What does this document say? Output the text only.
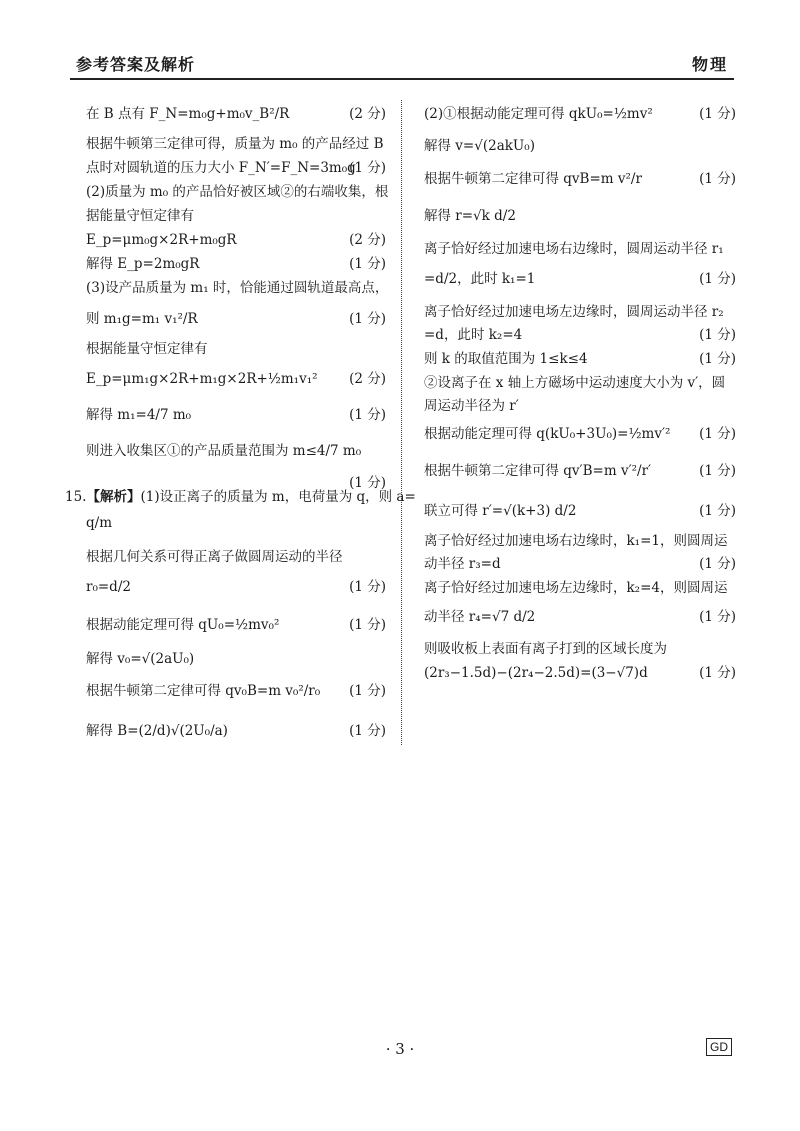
参考答案及解析	物理
在 B 点有 F_N=m₀g+m₀v_B²/R	(2 分)
根据牛顿第三定律可得，质量为 m₀ 的产品经过 B
点时对圆轨道的压力大小 F_N′=F_N=3m₀g
(1 分)
(2)质量为 m₀ 的产品恰好被区域②的右端收集，根
据能量守恒定律有
E_p=μm₀g×2R+m₀gR	(2 分)
解得 E_p=2m₀gR	(1 分)
(3)设产品质量为 m₁ 时，恰能通过圆轨道最高点，
则 m₁g=m₁ v₁²/R	(1 分)
根据能量守恒定律有
E_p=μm₁g×2R+m₁g×2R+½m₁v₁² (2 分)
解得 m₁=4/7 m₀	(1 分)
则进入收集区①的产品质量范围为 m≤4/7 m₀
(1 分)
15.【解析】(1)设正离子的质量为 m，电荷量为 q，则 a=
q/m
根据几何关系可得正离子做圆周运动的半径
r₀=d/2	(1 分)
根据动能定理可得 qU₀=½mv₀²	(1 分)
解得 v₀=√(2aU₀)
根据牛顿第二定律可得 qv₀B=m v₀²/r₀ (1 分)
解得 B=(2/d)√(2U₀/a)	(1 分)
(2)①根据动能定理可得 qkU₀=½mv²	(1 分)
解得 v=√(2akU₀)
根据牛顿第二定律可得 qvB=m v²/r	(1 分)
解得 r=√k d/2
离子恰好经过加速电场右边缘时，圆周运动半径 r₁
=d/2，此时 k₁=1	(1 分)
离子恰好经过加速电场左边缘时，圆周运动半径 r₂
=d，此时 k₂=4	(1 分)
则 k 的取值范围为 1≤k≤4	(1 分)
②设离子在 x 轴上方磁场中运动速度大小为 v′，圆
周运动半径为 r′
根据动能定理可得 q(kU₀+3U₀)=½mv′² (1 分)
根据牛顿第二定律可得 qv′B=m v′²/r′	(1 分)
联立可得 r′=√(k+3) d/2	(1 分)
离子恰好经过加速电场右边缘时，k₁=1，则圆周运
动半径 r₃=d	(1 分)
离子恰好经过加速电场左边缘时，k₂=4，则圆周运
动半径 r₄=√7 d/2	(1 分)
则吸收板上表面有离子打到的区域长度为
(2r₃−1.5d)−(2r₄−2.5d)=(3−√7)d	(1 分)
· 3 ·	GD
